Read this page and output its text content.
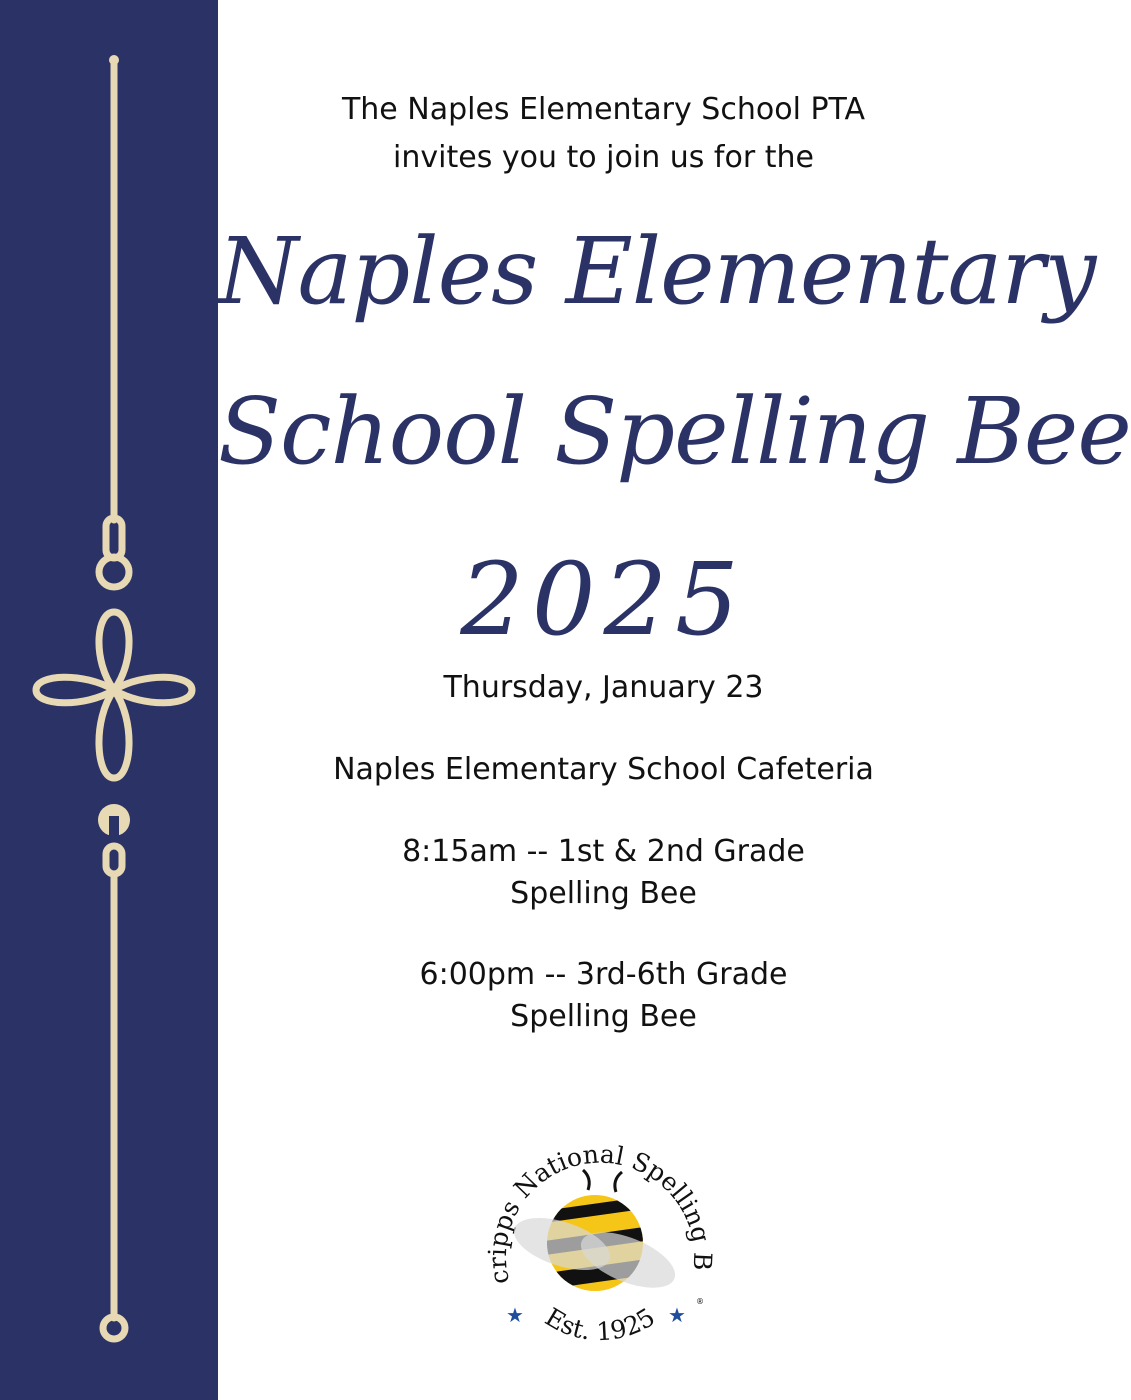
The Naples Elementary School PTA
invites you to join us for the
Naples Elementary
School Spelling Bee
2025
Thursday, January 23
Naples Elementary School Cafeteria
8:15am -- 1st & 2nd Grade
Spelling Bee
6:00pm -- 3rd-6th Grade
Spelling Bee
cripps National Spelling B
Est. 1925
★	★
®
